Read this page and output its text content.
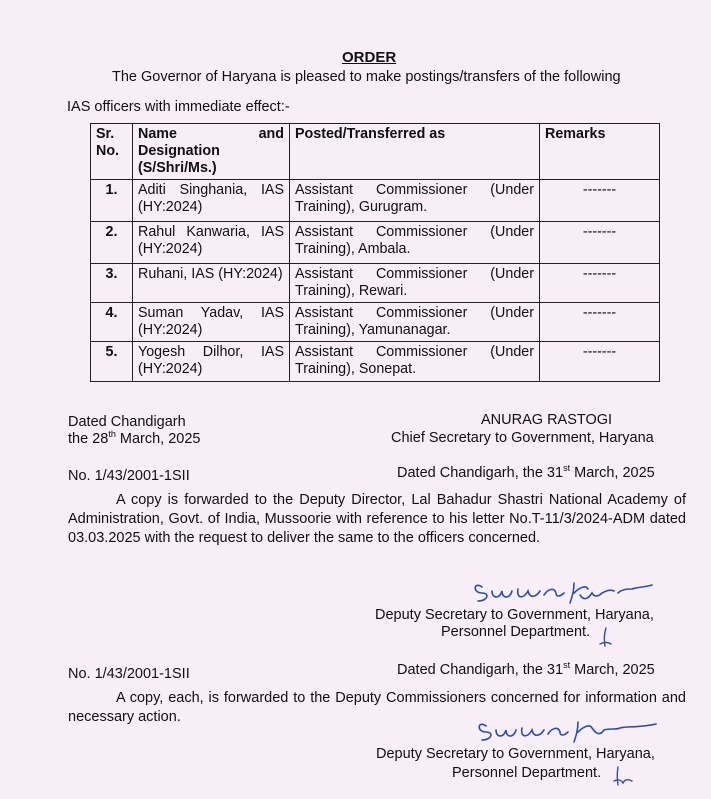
ORDER
The Governor of Haryana is pleased to make postings/transfers of the following
IAS officers with immediate effect:-
Sr. No.	Name and Designation (S/Shri/Ms.)	Posted/Transferred as	Remarks
1.	Aditi Singhania, IAS (HY:2024)	Assistant Commissioner (Under Training), Gurugram.	-------
2.	Rahul Kanwaria, IAS (HY:2024)	Assistant Commissioner (Under Training), Ambala.	-------
3.	Ruhani, IAS (HY:2024)	Assistant Commissioner (Under Training), Rewari.	-------
4.	Suman Yadav, IAS (HY:2024)	Assistant Commissioner (Under Training), Yamunanagar.	-------
5.	Yogesh Dilhor, IAS (HY:2024)	Assistant Commissioner (Under Training), Sonepat.	-------
Dated Chandigarh
the 28th March, 2025
ANURAG RASTOGI
Chief Secretary to Government, Haryana
No. 1/43/2001-1SII	Dated Chandigarh, the 31st March, 2025
A copy is forwarded to the Deputy Director, Lal Bahadur Shastri National Academy of Administration, Govt. of India, Mussoorie with reference to his letter No.T-11/3/2024-ADM dated 03.03.2025 with the request to deliver the same to the officers concerned.
Deputy Secretary to Government, Haryana,
Personnel Department.
No. 1/43/2001-1SII	Dated Chandigarh, the 31st March, 2025
A copy, each, is forwarded to the Deputy Commissioners concerned for information and necessary action.
Deputy Secretary to Government, Haryana,
Personnel Department.
